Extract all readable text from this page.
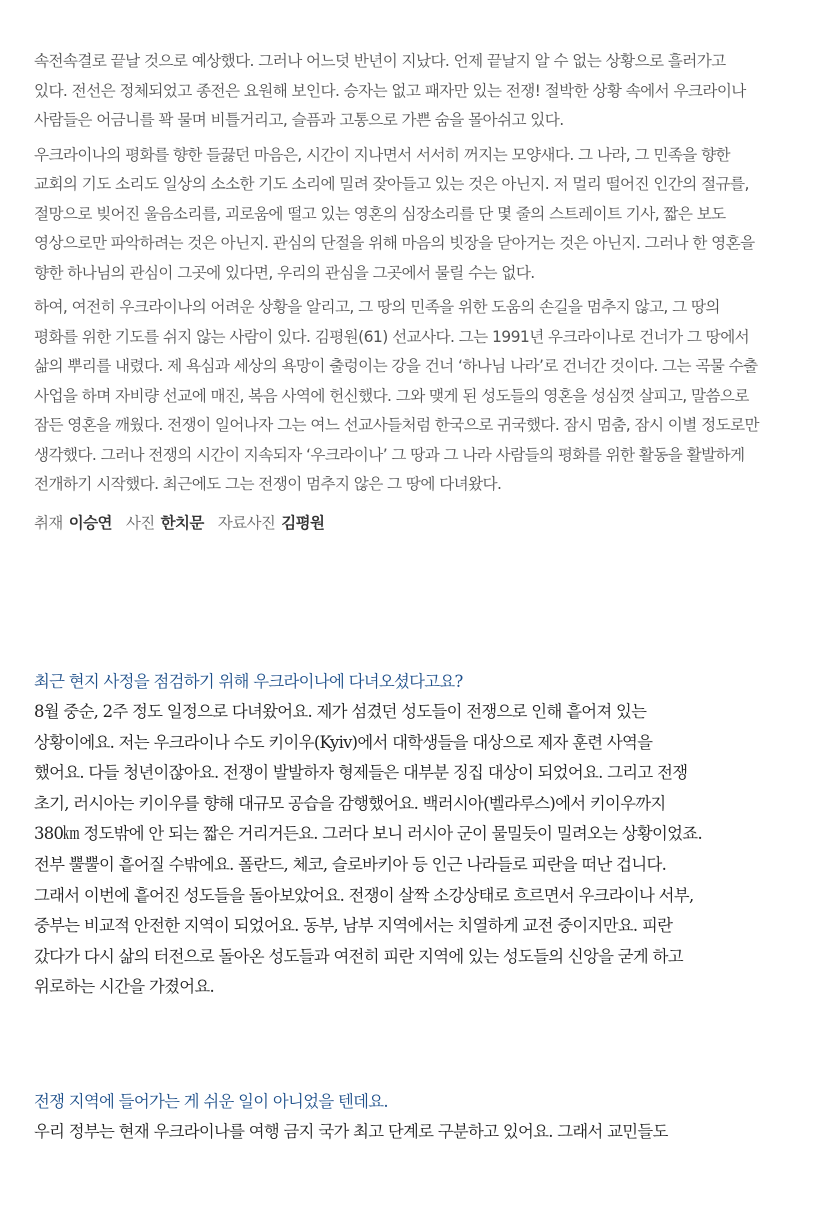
속전속결로 끝날 것으로 예상했다. 그러나 어느덧 반년이 지났다. 언제 끝날지 알 수 없는 상황으로 흘러가고
있다. 전선은 정체되었고 종전은 요원해 보인다. 승자는 없고 패자만 있는 전쟁! 절박한 상황 속에서 우크라이나
사람들은 어금니를 꽉 물며 비틀거리고, 슬픔과 고통으로 가쁜 숨을 몰아쉬고 있다.

우크라이나의 평화를 향한 들끓던 마음은, 시간이 지나면서 서서히 꺼지는 모양새다. 그 나라, 그 민족을 향한
교회의 기도 소리도 일상의 소소한 기도 소리에 밀려 잦아들고 있는 것은 아닌지. 저 멀리 떨어진 인간의 절규를,
절망으로 빚어진 울음소리를, 괴로움에 떨고 있는 영혼의 심장소리를 단 몇 줄의 스트레이트 기사, 짧은 보도
영상으로만 파악하려는 것은 아닌지. 관심의 단절을 위해 마음의 빗장을 닫아거는 것은 아닌지. 그러나 한 영혼을
향한 하나님의 관심이 그곳에 있다면, 우리의 관심을 그곳에서 물릴 수는 없다.

하여, 여전히 우크라이나의 어려운 상황을 알리고, 그 땅의 민족을 위한 도움의 손길을 멈추지 않고, 그 땅의
평화를 위한 기도를 쉬지 않는 사람이 있다. 김평원(61) 선교사다. 그는 1991년 우크라이나로 건너가 그 땅에서
삶의 뿌리를 내렸다. 제 욕심과 세상의 욕망이 출렁이는 강을 건너 ‘하나님 나라’로 건너간 것이다. 그는 곡물 수출
사업을 하며 자비량 선교에 매진, 복음 사역에 헌신했다. 그와 맺게 된 성도들의 영혼을 성심껏 살피고, 말씀으로
잠든 영혼을 깨웠다. 전쟁이 일어나자 그는 여느 선교사들처럼 한국으로 귀국했다. 잠시 멈춤, 잠시 이별 정도로만
생각했다. 그러나 전쟁의 시간이 지속되자 ‘우크라이나’ 그 땅과 그 나라 사람들의 평화를 위한 활동을 활발하게
전개하기 시작했다. 최근에도 그는 전쟁이 멈추지 않은 그 땅에 다녀왔다.

취재 이승연 사진 한치문 자료사진 김평원
최근 현지 사정을 점검하기 위해 우크라이나에 다녀오셨다고요?

8월 중순, 2주 정도 일정으로 다녀왔어요. 제가 섬겼던 성도들이 전쟁으로 인해 흩어져 있는
상황이에요. 저는 우크라이나 수도 키이우(Kyiv)에서 대학생들을 대상으로 제자 훈련 사역을
했어요. 다들 청년이잖아요. 전쟁이 발발하자 형제들은 대부분 징집 대상이 되었어요. 그리고 전쟁
초기, 러시아는 키이우를 향해 대규모 공습을 감행했어요. 백러시아(벨라루스)에서 키이우까지
380㎞ 정도밖에 안 되는 짧은 거리거든요. 그러다 보니 러시아 군이 물밀듯이 밀려오는 상황이었죠.
전부 뿔뿔이 흩어질 수밖에요. 폴란드, 체코, 슬로바키아 등 인근 나라들로 피란을 떠난 겁니다.
그래서 이번에 흩어진 성도들을 돌아보았어요. 전쟁이 살짝 소강상태로 흐르면서 우크라이나 서부,
중부는 비교적 안전한 지역이 되었어요. 동부, 남부 지역에서는 치열하게 교전 중이지만요. 피란
갔다가 다시 삶의 터전으로 돌아온 성도들과 여전히 피란 지역에 있는 성도들의 신앙을 굳게 하고
위로하는 시간을 가졌어요.

전쟁 지역에 들어가는 게 쉬운 일이 아니었을 텐데요.

우리 정부는 현재 우크라이나를 여행 금지 국가 최고 단계로 구분하고 있어요. 그래서 교민들도
